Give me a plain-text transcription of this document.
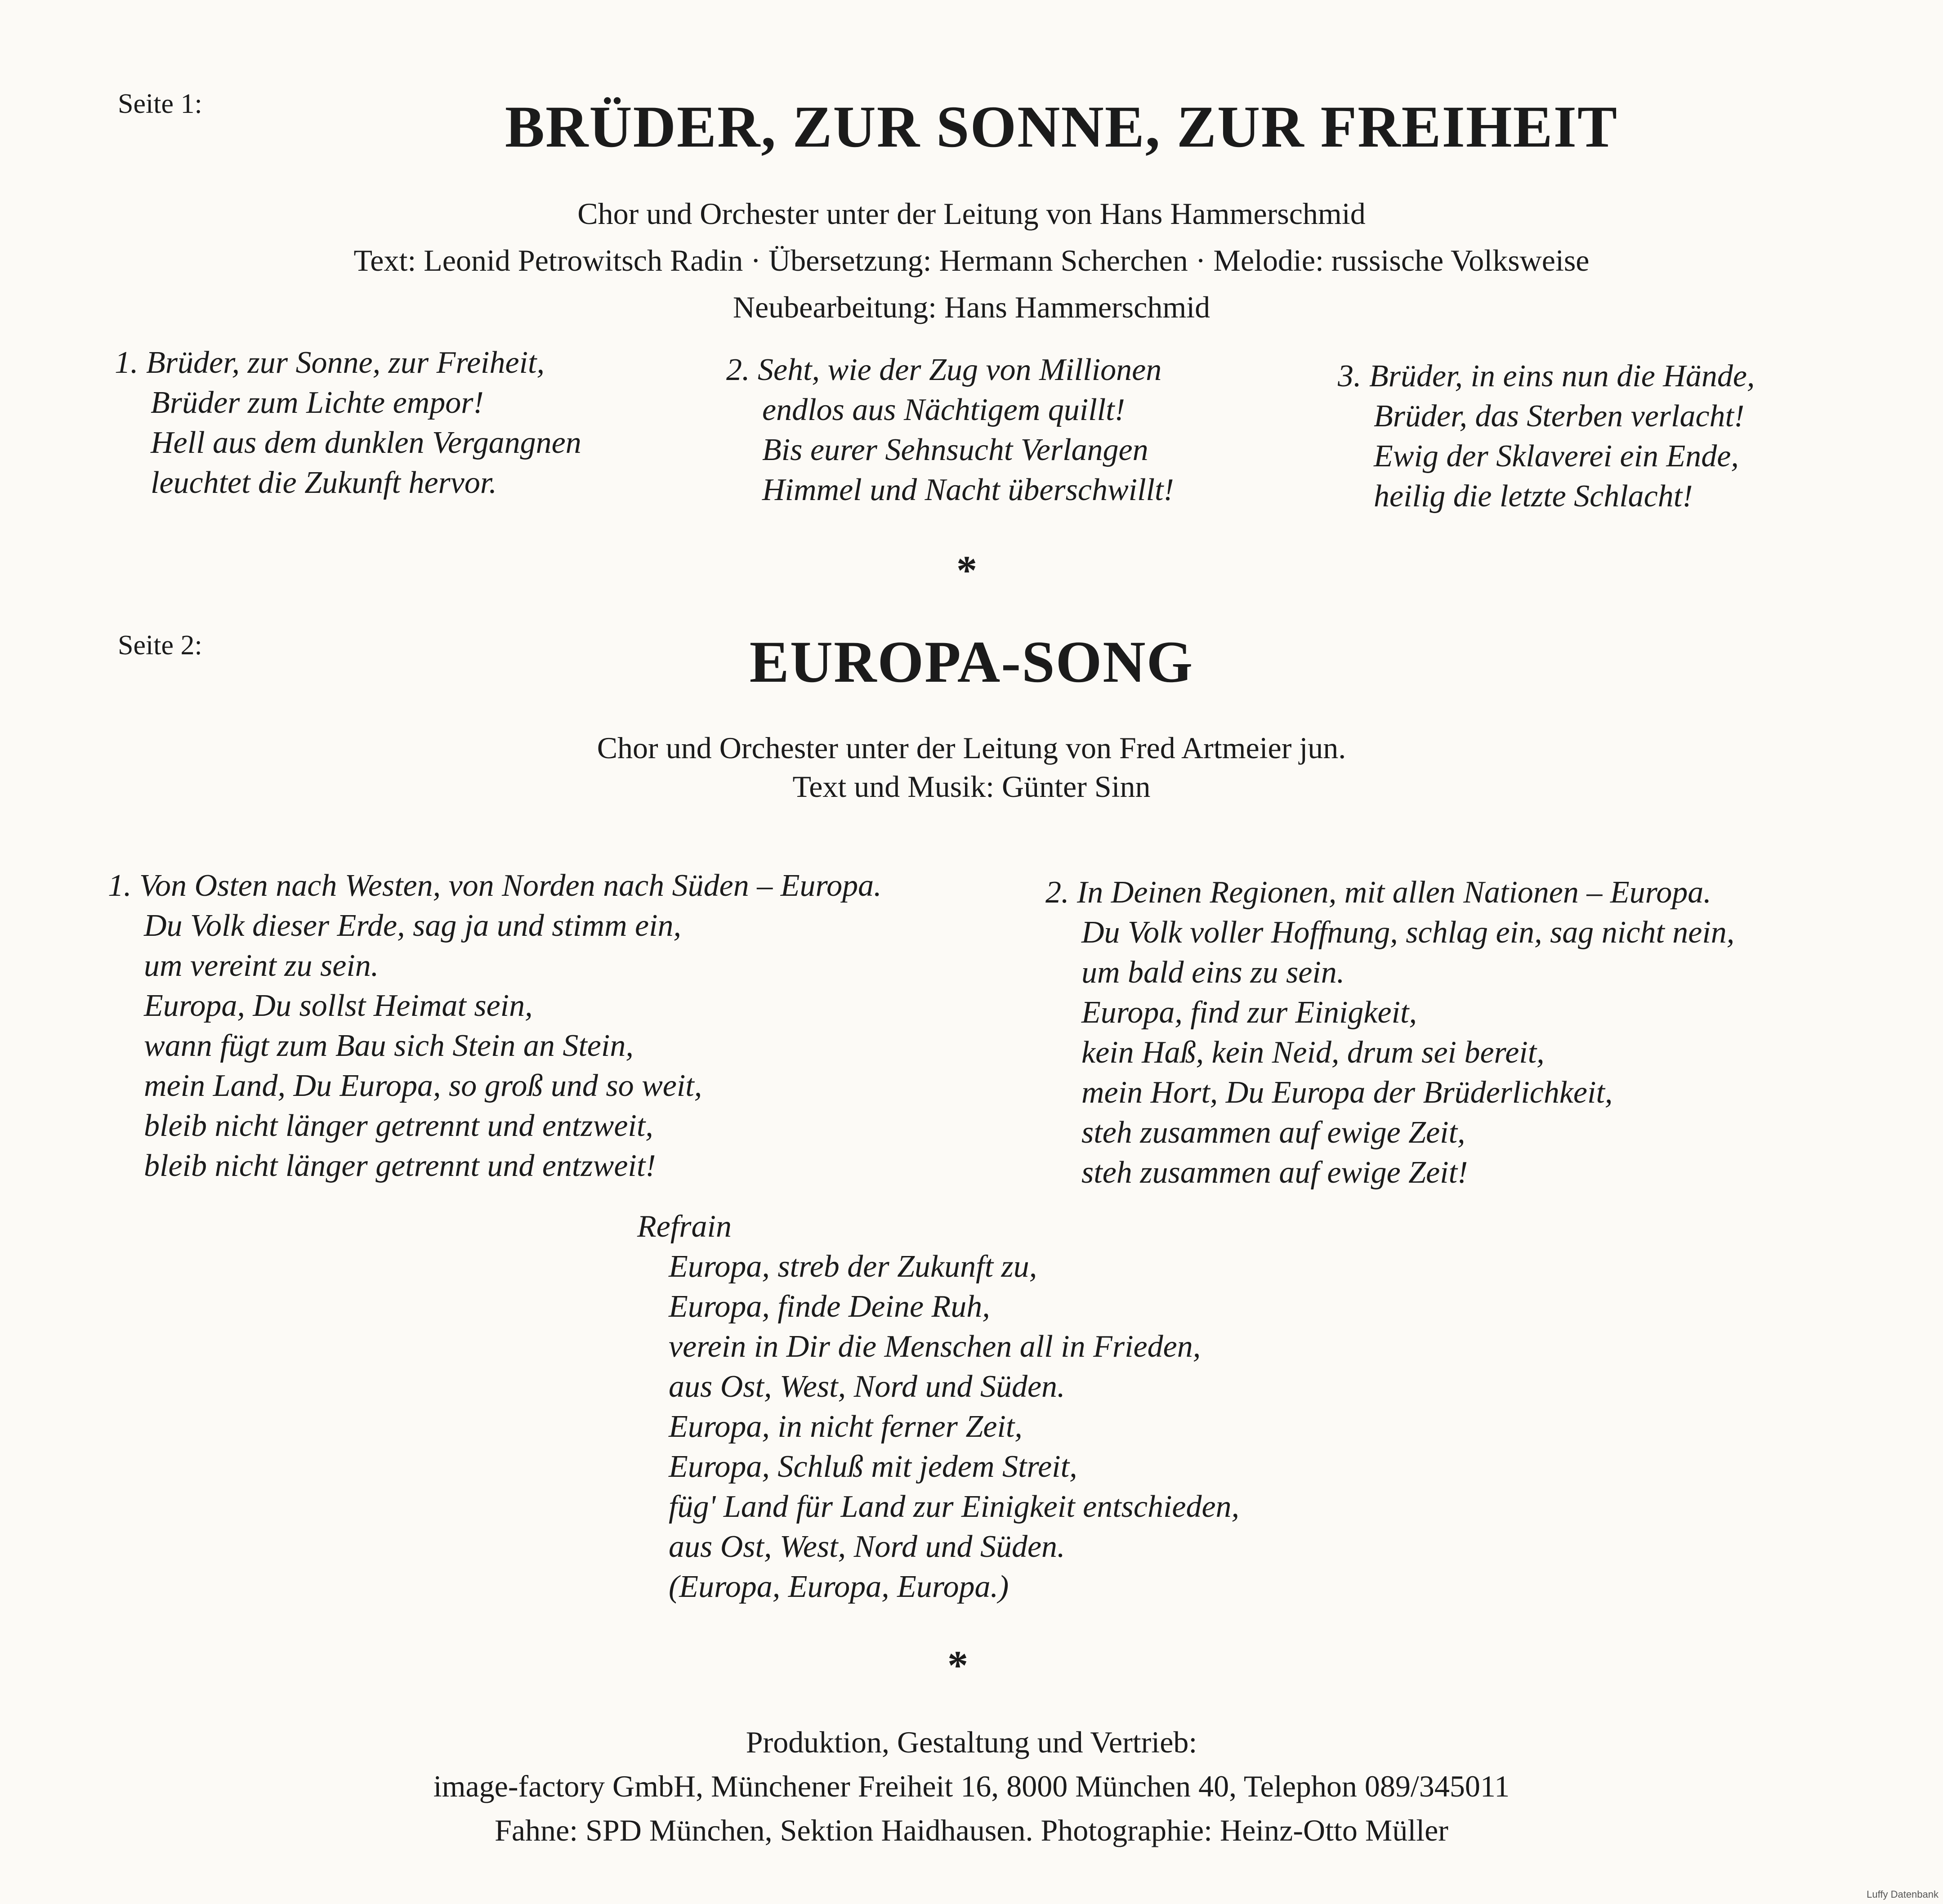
Seite 1:	BRÜDER, ZUR SONNE, ZUR FREIHEIT
Chor und Orchester unter der Leitung von Hans Hammerschmid
Text: Leonid Petrowitsch Radin · Übersetzung: Hermann Scherchen · Melodie: russische Volksweise
Neubearbeitung: Hans Hammerschmid
1. Brüder, zur Sonne, zur Freiheit,
Brüder zum Lichte empor!
Hell aus dem dunklen Vergangnen
leuchtet die Zukunft hervor.
2. Seht, wie der Zug von Millionen
endlos aus Nächtigem quillt!
Bis eurer Sehnsucht Verlangen
Himmel und Nacht überschwillt!
3. Brüder, in eins nun die Hände,
Brüder, das Sterben verlacht!
Ewig der Sklaverei ein Ende,
heilig die letzte Schlacht!
*
Seite 2:	EUROPA-SONG
Chor und Orchester unter der Leitung von Fred Artmeier jun.
Text und Musik: Günter Sinn
1. Von Osten nach Westen, von Norden nach Süden – Europa.
Du Volk dieser Erde, sag ja und stimm ein,
um vereint zu sein.
Europa, Du sollst Heimat sein,
wann fügt zum Bau sich Stein an Stein,
mein Land, Du Europa, so groß und so weit,
bleib nicht länger getrennt und entzweit,
bleib nicht länger getrennt und entzweit!
2. In Deinen Regionen, mit allen Nationen – Europa.
Du Volk voller Hoffnung, schlag ein, sag nicht nein,
um bald eins zu sein.
Europa, find zur Einigkeit,
kein Haß, kein Neid, drum sei bereit,
mein Hort, Du Europa der Brüderlichkeit,
steh zusammen auf ewige Zeit,
steh zusammen auf ewige Zeit!
Refrain
Europa, streb der Zukunft zu,
Europa, finde Deine Ruh,
verein in Dir die Menschen all in Frieden,
aus Ost, West, Nord und Süden.
Europa, in nicht ferner Zeit,
Europa, Schluß mit jedem Streit,
füg' Land für Land zur Einigkeit entschieden,
aus Ost, West, Nord und Süden.
(Europa, Europa, Europa.)
*
Produktion, Gestaltung und Vertrieb:
image-factory GmbH, Münchener Freiheit 16, 8000 München 40, Telephon 089/345011
Fahne: SPD München, Sektion Haidhausen. Photographie: Heinz-Otto Müller
Luffy Datenbank
